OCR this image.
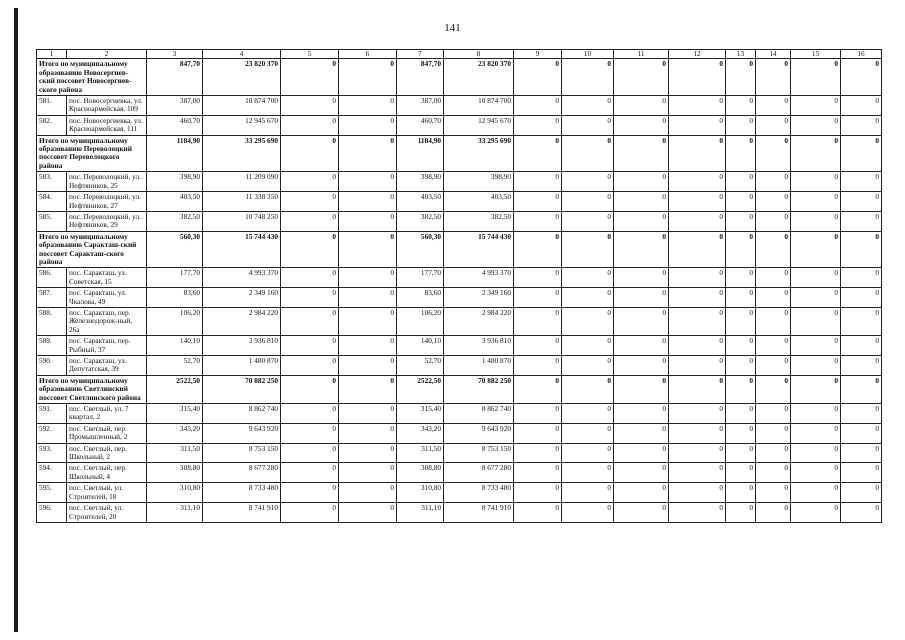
141
1	2	3	4	5	6	7	8	9	10	11	12	13	14	15	16
Итого по муниципальному образованию Новосергиев-ский поссовет Новосергиев-ского района		847,70	23 820 370	0	0	847,70	23 820 370	0	0	0	0	0	0	0	0
581.	пос. Новосергиевка, ул. Красноармейская, 109	387,00	10 874 700	0	0	387,00	10 874 700	0	0	0	0	0	0	0	0
582.	пос. Новосергиевка, ул. Красноармейская, 111	460,70	12 945 670	0	0	460,70	12 945 670	0	0	0	0	0	0	0	0
Итого по муниципальному образованию Переволоцкий поссовет Переволоцкого района		1184,90	33 295 690	0	0	1184,90	33 295 690	0	0	0	0	0	0	0	0
583.	пос. Переволоцкий, ул. Нефтяников, 25	398,90	11 209 090	0	0	398,90	398,90	0	0	0	0	0	0	0	0
584.	пос. Переволоцкий, ул. Нефтяников, 27	403,50	11 338 350	0	0	403,50	403,50	0	0	0	0	0	0	0	0
585.	пос. Переволоцкий, ул. Нефтяников, 29	382,50	10 748 250	0	0	382,50	382,50	0	0	0	0	0	0	0	0
Итого по муниципальному образованию Саракташ-ский поссовет Саракташ-ского района		560,30	15 744 430	0	0	560,30	15 744 430	0	0	0	0	0	0	0	0
586.	пос. Саракташ, ул. Советская, 15	177,70	4 993 370	0	0	177,70	4 993 370	0	0	0	0	0	0	0	0
587.	пос. Саракташ, ул. Чкалова, 49	83,60	2 349 160	0	0	83,60	2 349 160	0	0	0	0	0	0	0	0
588.	пос. Саракташ, пер. Железнодорож-ный, 26а	106,20	2 984 220	0	0	106,20	2 984 220	0	0	0	0	0	0	0	0
589.	пос. Саракташ, пер. Рыбный, 37	140,10	3 936 810	0	0	140,10	3 936 810	0	0	0	0	0	0	0	0
590.	пос. Саракташ, ул. Депутатская, 39	52,70	1 480 870	0	0	52,70	1 480 870	0	0	0	0	0	0	0	0
Итого по муниципальному образованию Светлинский поссовет Светлинского района		2522,50	70 882 250	0	0	2522,50	70 882 250	0	0	0	0	0	0	0	0
591.	пос. Светлый, ул. 7 квартал, 2	315,40	8 862 740	0	0	315,40	8 862 740	0	0	0	0	0	0	0	0
592.	пос. Светлый, пер. Промышленный, 2	343,20	9 643 920	0	0	343,20	9 643 920	0	0	0	0	0	0	0	0
593.	пос. Светлый, пер. Школьный, 2	311,50	8 753 150	0	0	311,50	8 753 150	0	0	0	0	0	0	0	0
594.	пос. Светлый, пер. Школьный, 4	308,80	8 677 280	0	0	308,80	8 677 280	0	0	0	0	0	0	0	0
595.	пос. Светлый, ул. Строителей, 18	310,80	8 733 480	0	0	310,80	8 733 480	0	0	0	0	0	0	0	0
596.	пос. Светлый, ул. Строителей, 20	311,10	8 741 910	0	0	311,10	8 741 910	0	0	0	0	0	0	0	0
